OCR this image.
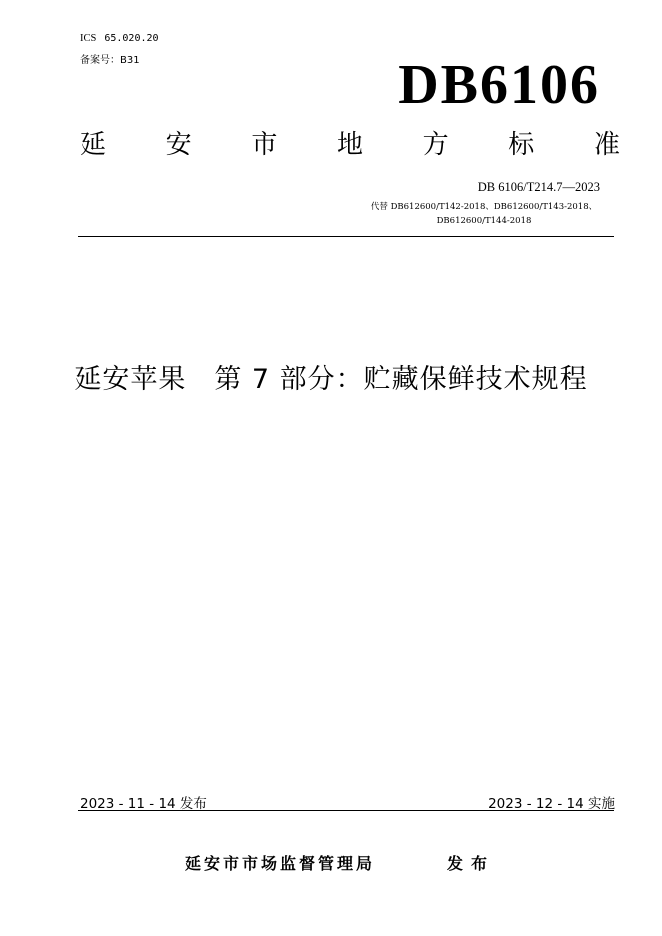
ICS 65.020.20
备案号：B31	DB6106
延 安 市 地 方 标 准
DB 6106/T214.7—2023
代替 DB612600/T142-2018、DB612600/T143-2018、
DB612600/T144-2018
延安苹果 第 7 部分：贮藏保鲜技术规程
2023 - 11 - 14 发布	2023 - 12 - 14 实施
延安市市场监督管理局	发布
